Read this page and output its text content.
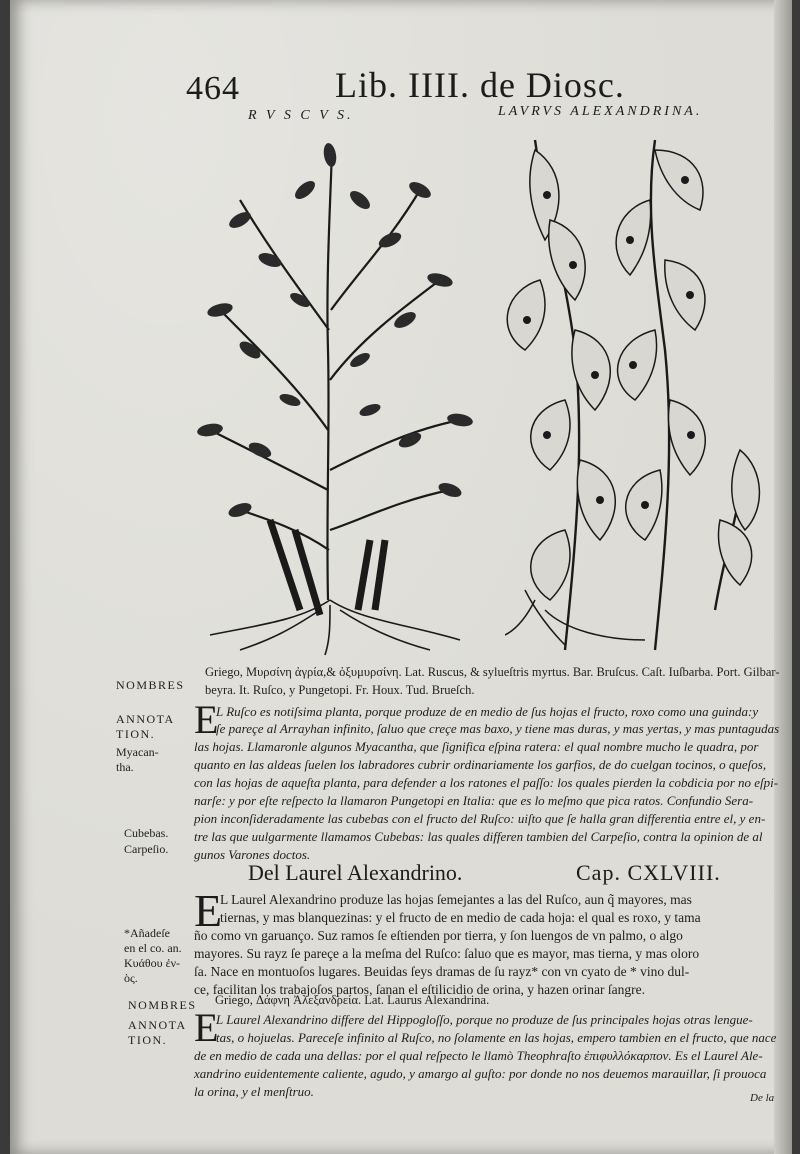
464	Lib. IIII. de Diosc.
R V S C V S.	LAVRVS ALEXANDRINA.
NOMBRES
Griego, Μυρσίνη ἀγρία,& ὀξυμυρσίνη. Lat. Ruscus, & sylueſtris myrtus. Bar. Bruſcus. Caſt. Iuſbarba. Port. Gilbar-
beyra. It. Ruſco, y Pungetopi. Fr. Houx. Tud. Brueſch.
ANNOTA
TION.
Myacan-
tha.
Cubebas.
Carpeſio.
E
L Ruſco es notiſsima planta, porque produze de en medio de ſus hojas el fructo, roxo como una guinda:y
ſe pareçe al Arrayhan infinito, ſaluo que creçe mas baxo, y tiene mas duras, y mas yertas, y mas puntagudas
las hojas. Llamaronle algunos Myacantha, que ſignifica eſpina ratera: el qual nombre mucho le quadra, por
quanto en las aldeas ſuelen los labradores cubrir ordinariamente los garfios, de do cuelgan tocinos, o queſos,
con las hojas de aqueſta planta, para defender a los ratones el paſſo: los quales pierden la cobdicia por no eſpi-
narſe: y por eſte reſpecto la llamaron Pungetopi en Italia: que es lo meſmo que pica ratos. Confundio Sera-
pion inconſideradamente las cubebas con el fructo del Ruſco: uiſto que ſe halla gran differentia entre el, y en-
tre las que uulgarmente llamamos Cubebas: las quales differen tambien del Carpeſio, contra la opinion de al
gunos Varones doctos.
Del Laurel Alexandrino.	Cap. CXLVIII.
E
L Laurel Alexandrino produze las hojas ſemejantes a las del Ruſco, aun q̃ mayores, mas
tiernas, y mas blanquezinas: y el fructo de en medio de cada hoja: el qual es roxo, y tama
ño como vn garuanço. Suz ramos ſe eſtienden por tierra, y ſon luengos de vn palmo, o algo
mayores. Su rayz ſe pareçe a la meſma del Ruſco: ſaluo que es mayor, mas tierna, y mas oloro
ſa. Nace en montuoſos lugares. Beuidas ſeys dramas de ſu rayz* con vn cyato de * vino dul-
ce, facilitan los trabajoſos partos, ſanan el eſtilicidio de orina, y hazen orinar ſangre.
*Añadeſe
en el co. an.
Κυάθου ἐν-
ὸς.
NOMBRES Griego, Δάφνη Ἀλεξανδρεία. Lat. Laurus Alexandrina.
ANNOTA
TION. E
L Laurel Alexandrino differe del Hippogloſſo, porque no produze de ſus principales hojas otras lengue-
tas, o hojuelas. Pareceſe infinito al Ruſco, no ſolamente en las hojas, empero tambien en el fructo, que nace
de en medio de cada una dellas: por el qual reſpecto le llamò Theophraſto ἐπιφυλλόκαρπον. Es el Laurel Ale-
xandrino euidentemente caliente, agudo, y amargo al guſto: por donde no nos deuemos marauillar, ſi prouoca
la orina, y el menſtruo.	De la
